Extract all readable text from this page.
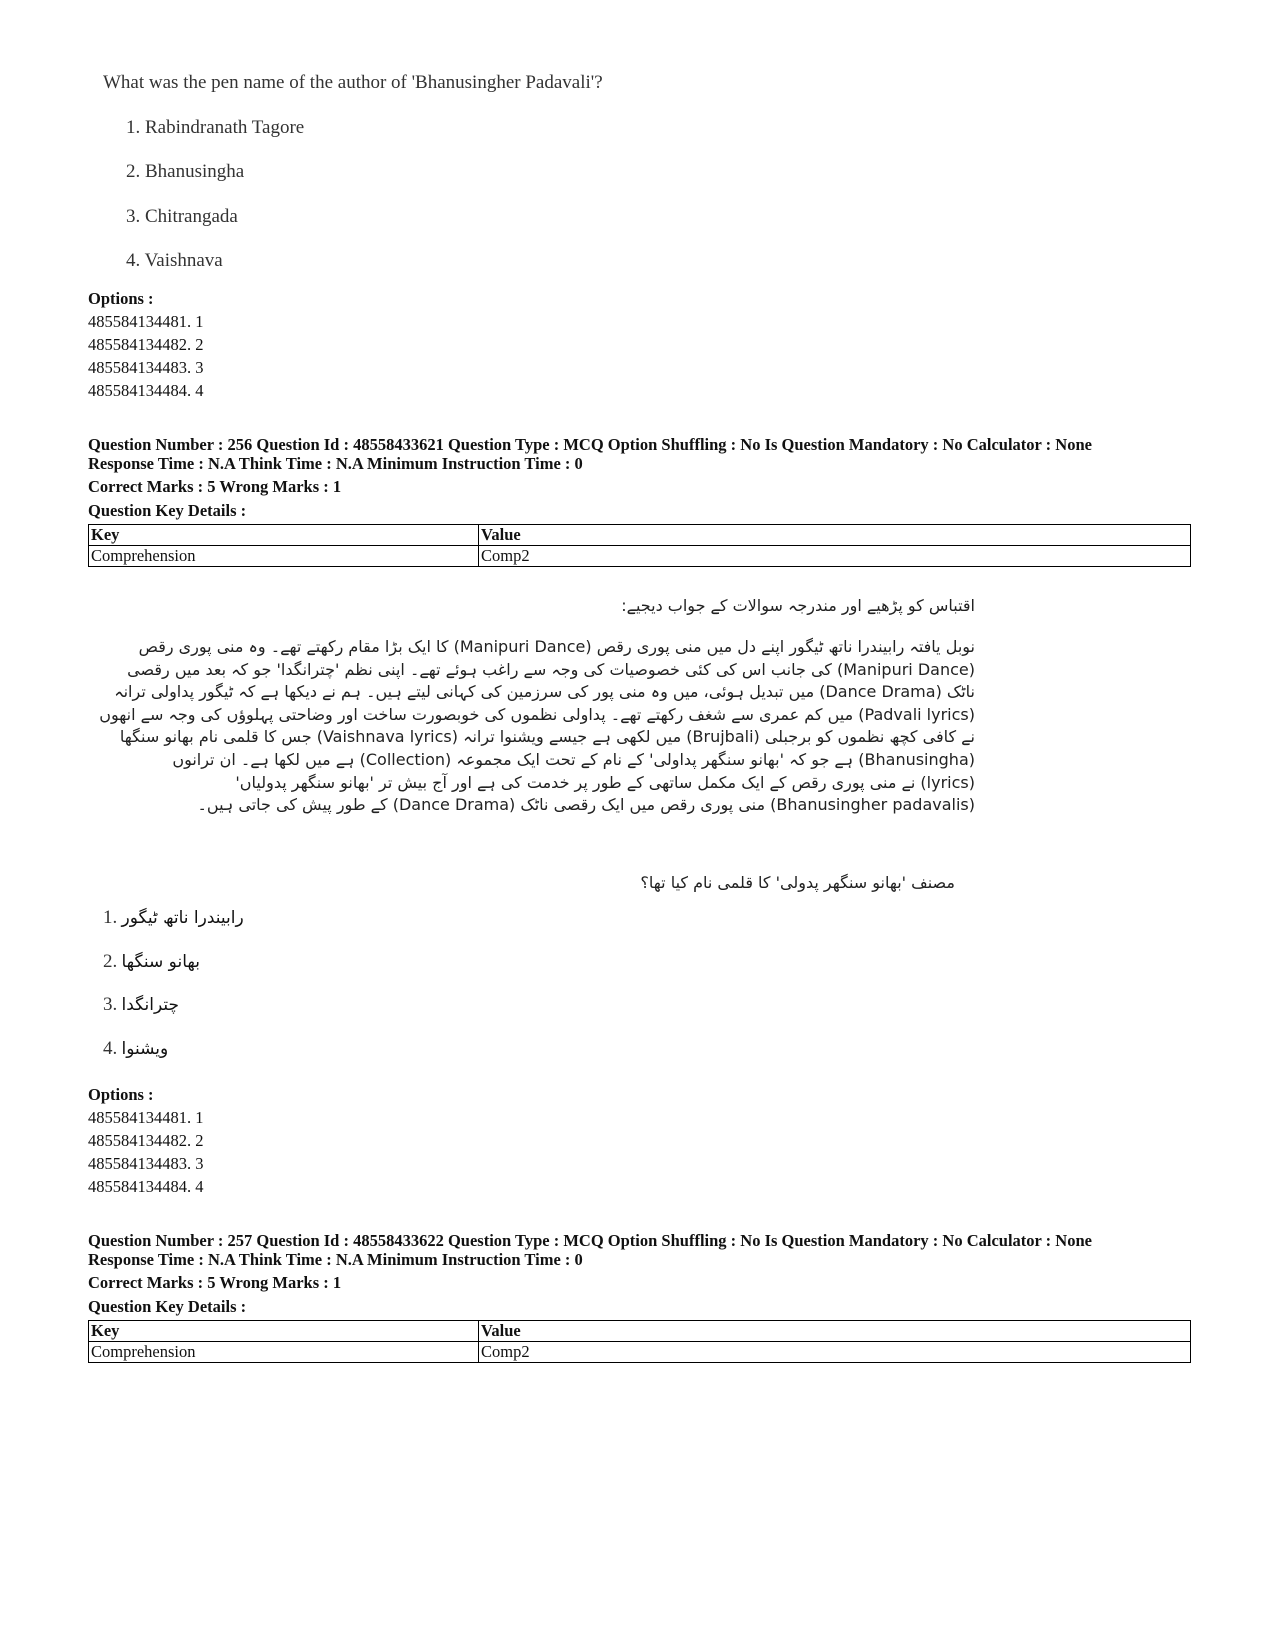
What was the pen name of the author of 'Bhanusingher Padavali'?
1. Rabindranath Tagore
2. Bhanusingha
3. Chitrangada
4. Vaishnava
Options :
485584134481. 1
485584134482. 2
485584134483. 3
485584134484. 4
Question Number : 256 Question Id : 48558433621 Question Type : MCQ Option Shuffling : No Is Question Mandatory : No Calculator : None
Response Time : N.A Think Time : N.A Minimum Instruction Time : 0
Correct Marks : 5 Wrong Marks : 1
Question Key Details :
Key	Value
Comprehension	Comp2
اقتباس کو پڑھیے اور مندرجہ سوالات کے جواب دیجیے:
نوبل یافتہ رابیندرا ناتھ ٹیگور اپنے دل میں منی پوری رقص (Manipuri Dance) کا ایک بڑا مقام رکھتے تھے۔ وہ منی پوری رقص
(Manipuri Dance) کی جانب اس کی کئی خصوصیات کی وجہ سے راغب ہوئے تھے۔ اپنی نظم 'چترانگدا' جو کہ بعد میں رقصی
ناٹک (Dance Drama) میں تبدیل ہوئی، میں وہ منی پور کی سرزمین کی کہانی لیتے ہیں۔ ہم نے دیکھا ہے کہ ٹیگور پداولی ترانہ
(Padvali lyrics) میں کم عمری سے شغف رکھتے تھے۔ پداولی نظموں کی خوبصورت ساخت اور وضاحتی پہلوؤں کی وجہ سے انھوں
نے کافی کچھ نظموں کو برجبلی (Brujbali) میں لکھی ہے جیسے ویشنوا ترانہ (Vaishnava lyrics) جس کا قلمی نام بھانو سنگھا
(Bhanusingha) ہے جو کہ 'بھانو سنگھر پداولی' کے نام کے تحت ایک مجموعہ (Collection) ہے میں لکھا ہے۔ ان ترانوں
(lyrics) نے منی پوری رقص کے ایک مکمل ساتھی کے طور پر خدمت کی ہے اور آج بیش تر 'بھانو سنگھر پدولیاں'
(Bhanusingher padavalis) منی پوری رقص میں ایک رقصی ناٹک (Dance Drama) کے طور پیش کی جاتی ہیں۔
مصنف 'بھانو سنگھر پدولی' کا قلمی نام کیا تھا؟
1. رابیندرا ناتھ ٹیگور
2. بھانو سنگھا
3. چترانگدا
4. ویشنوا
Options :
485584134481. 1
485584134482. 2
485584134483. 3
485584134484. 4
Question Number : 257 Question Id : 48558433622 Question Type : MCQ Option Shuffling : No Is Question Mandatory : No Calculator : None
Response Time : N.A Think Time : N.A Minimum Instruction Time : 0
Correct Marks : 5 Wrong Marks : 1
Question Key Details :
Key	Value
Comprehension	Comp2
